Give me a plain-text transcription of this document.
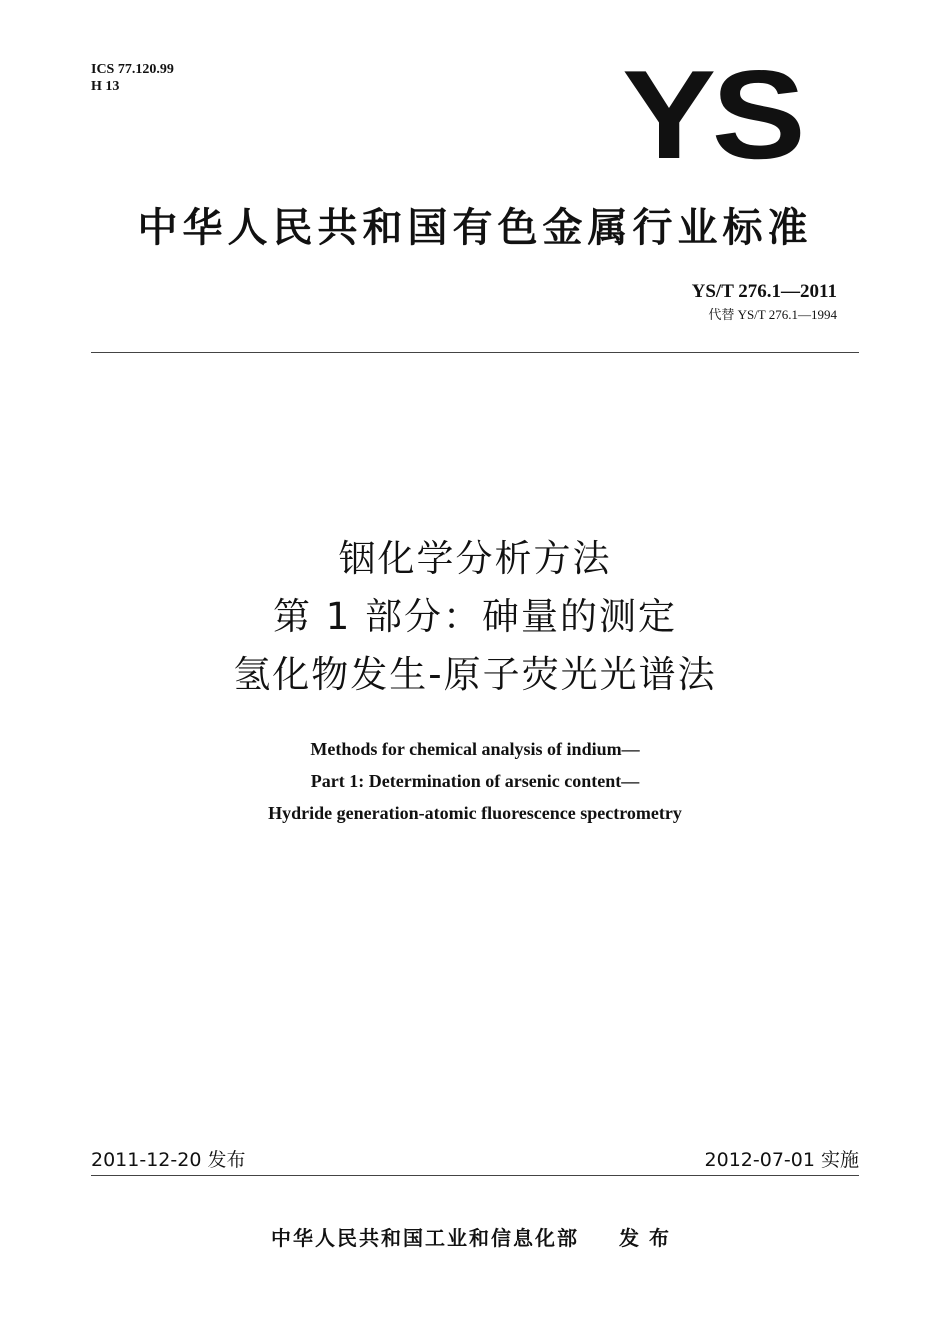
ICS 77.120.99
H 13	YS
中华人民共和国有色金属行业标准
YS/T 276.1—2011
代替 YS/T 276.1—1994
铟化学分析方法
第 1 部分：砷量的测定
氢化物发生-原子荧光光谱法
Methods for chemical analysis of indium—
Part 1: Determination of arsenic content—
Hydride generation-atomic fluorescence spectrometry
2011-12-20 发布	2012-07-01 实施
中华人民共和国工业和信息化部 发布
